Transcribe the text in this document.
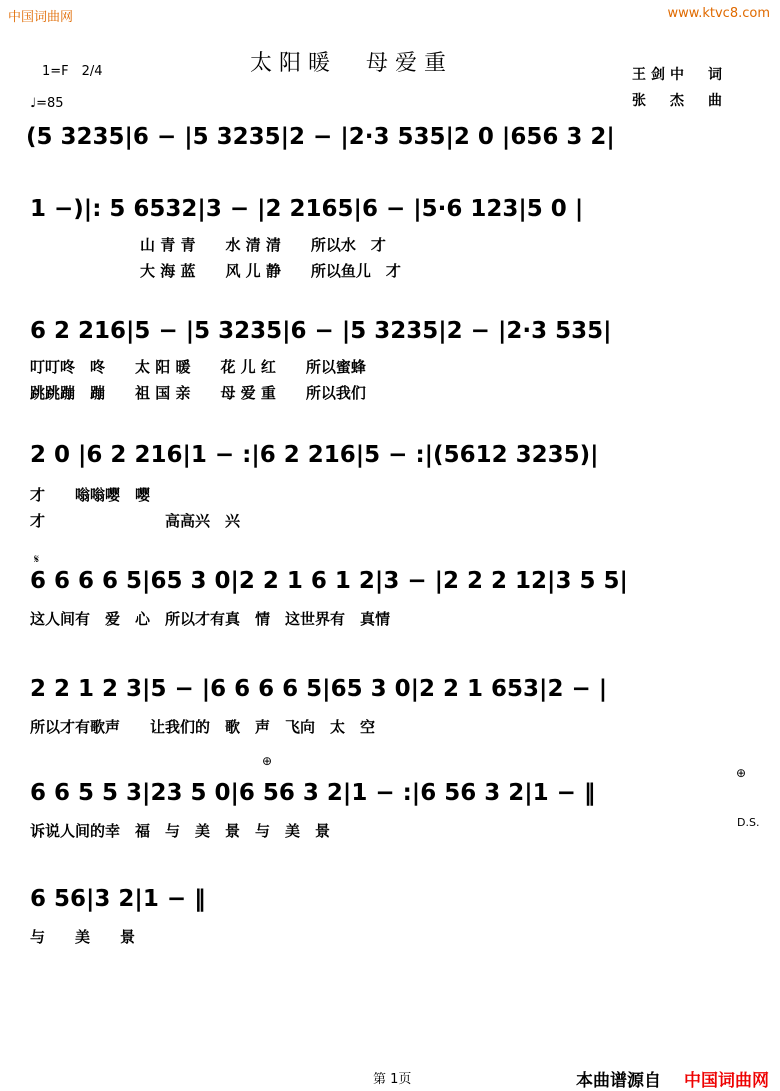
中国词曲网	www.ktvc8.com
太阳暖　母爱重	王剑中　词
张　杰　曲
1=F　2/4
♩=85
(5 3235|6 − |5 3235|2 − |2·3 535|2 0 |656 3 2|
1 −)|: 5 6532|3 − |2 2165|6 − |5·6 123|5 0 |
山 青 青　　水 清 清　　所以水　才
大 海 蓝　　风 儿 静　　所以鱼儿　才
6 2 216|5 − |5 3235|6 − |5 3235|2 − |2·3 535|
叮叮咚　咚　　太 阳 暖　　花 儿 红　　所以蜜蜂
跳跳蹦　蹦　　祖 国 亲　　母 爱 重　　所以我们
2 0 |6 2 216|1 − :|6 2 216|5 − :|(5612 3235)|
才　　嗡嗡嘤　嘤
才　　　　　　　　高高兴　兴
𝄋
6 6 6 6 5|65 3 0|2 2 1 6 1 2|3 − |2 2 2 12|3 5 5|
这人间有　爱　心　所以才有真　情　这世界有　真情
2 2 1 2 3|5 − |6 6 6 6 5|65 3 0|2 2 1 653|2 − |
所以才有歌声　　让我们的　歌　声　飞向　太　空
⊕
⊕
6 6 5 5 3|23 5 0|6 56 3 2|1 − :|6 56 3 2|1 − ‖
诉说人间的幸　福　与　美　景　与　美　景	D.S.
6 56|3 2|1 − ‖
与　　美　　景
第 1页	本曲谱源自 中国词曲网
